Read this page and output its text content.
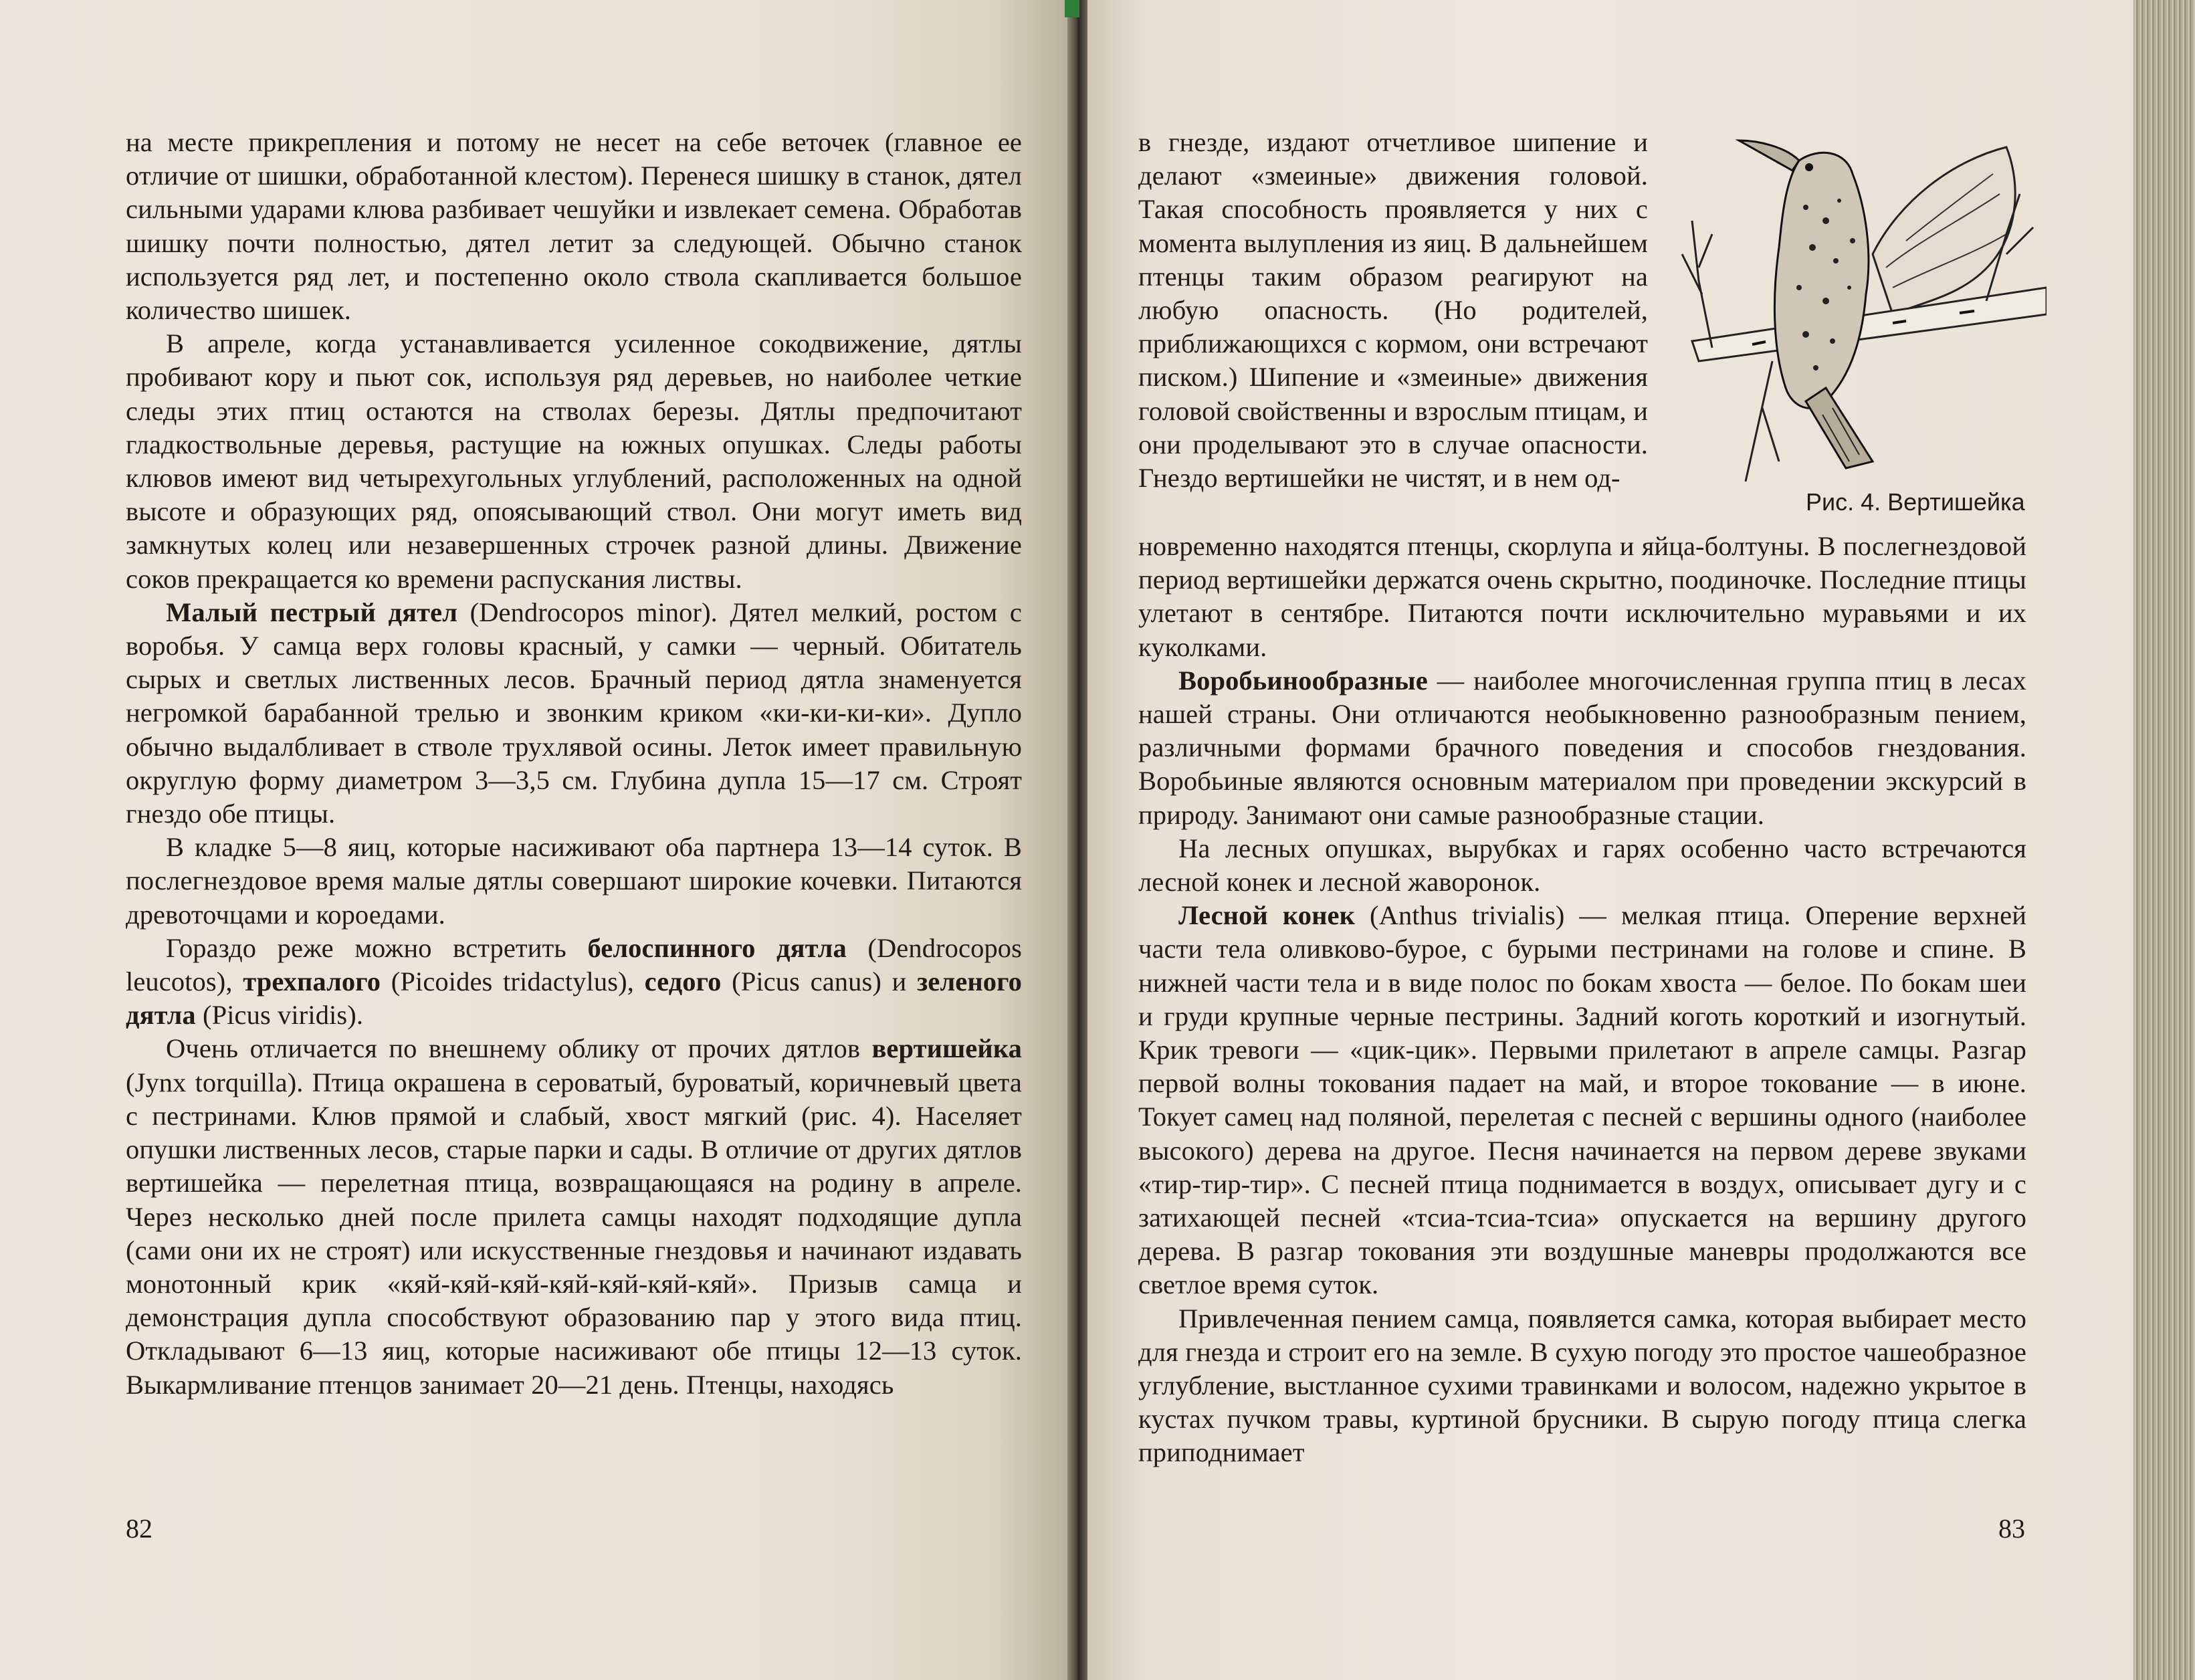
на месте прикрепления и потому не несет на себе веточек (главное ее отличие от шишки, обработанной клестом). Перенеся шишку в станок, дятел сильными ударами клюва разбивает чешуйки и извлекает семена. Обработав шишку почти полностью, дятел летит за следующей. Обычно станок используется ряд лет, и постепенно около ствола скапливается большое количество шишек.

В апреле, когда устанавливается усиленное сокодвижение, дятлы пробивают кору и пьют сок, используя ряд деревьев, но наиболее четкие следы этих птиц остаются на стволах березы. Дятлы предпочитают гладкоствольные деревья, растущие на южных опушках. Следы работы клювов имеют вид четырехугольных углублений, расположенных на одной высоте и образующих ряд, опоясывающий ствол. Они могут иметь вид замкнутых колец или незавершенных строчек разной длины. Движение соков прекращается ко времени распускания листвы.

Малый пестрый дятел (Dendrocopos minor). Дятел мелкий, ростом с воробья. У самца верх головы красный, у самки — черный. Обитатель сырых и светлых лиственных лесов. Брачный период дятла знаменуется негромкой барабанной трелью и звонким криком «ки-ки-ки-ки». Дупло обычно выдалбливает в стволе трухлявой осины. Леток имеет правильную округлую форму диаметром 3—3,5 см. Глубина дупла 15—17 см. Строят гнездо обе птицы.

В кладке 5—8 яиц, которые насиживают оба партнера 13—14 суток. В послегнездовое время малые дятлы совершают широкие кочевки. Питаются древоточцами и короедами.

Гораздо реже можно встретить белоспинного дятла (Dendrocopos leucotos), трехпалого (Picoides tridactylus), седого (Picus canus) и зеленого дятла (Picus viridis).

Очень отличается по внешнему облику от прочих дятлов вертишейка (Jynx torquilla). Птица окрашена в сероватый, буроватый, коричневый цвета с пестринами. Клюв прямой и слабый, хвост мягкий (рис. 4). Населяет опушки лиственных лесов, старые парки и сады. В отличие от других дятлов вертишейка — перелетная птица, возвращающаяся на родину в апреле. Через несколько дней после прилета самцы находят подходящие дупла (сами они их не строят) или искусственные гнездовья и начинают издавать монотонный крик «кяй-кяй-кяй-кяй-кяй-кяй-кяй». Призыв самца и демонстрация дупла способствуют образованию пар у этого вида птиц. Откладывают 6—13 яиц, которые насиживают обе птицы 12—13 суток. Выкармливание птенцов занимает 20—21 день. Птенцы, находясь

82

в гнезде, издают отчетливое шипение и делают «змеиные» движения головой. Такая способность проявляется у них с момента вылупления из яиц. В дальнейшем птенцы таким образом реагируют на любую опасность. (Но родителей, приближающихся с кормом, они встречают писком.) Шипение и «змеиные» движения головой свойственны и взрослым птицам, и они проделывают это в случае опасности. Гнездо вертишейки не чистят, и в нем од-

Рис. 4. Вертишейка

новременно находятся птенцы, скорлупа и яйца-болтуны. В послегнездовой период вертишейки держатся очень скрытно, поодиночке. Последние птицы улетают в сентябре. Питаются почти исключительно муравьями и их куколками.

Воробьинообразные — наиболее многочисленная группа птиц в лесах нашей страны. Они отличаются необыкновенно разнообразным пением, различными формами брачного поведения и способов гнездования. Воробьиные являются основным материалом при проведении экскурсий в природу. Занимают они самые разнообразные стации.

На лесных опушках, вырубках и гарях особенно часто встречаются лесной конек и лесной жаворонок.

Лесной конек (Anthus trivialis) — мелкая птица. Оперение верхней части тела оливково-бурое, с бурыми пестринами на голове и спине. В нижней части тела и в виде полос по бокам хвоста — белое. По бокам шеи и груди крупные черные пестрины. Задний коготь короткий и изогнутый. Крик тревоги — «цик-цик». Первыми прилетают в апреле самцы. Разгар первой волны токования падает на май, и второе токование — в июне. Токует самец над поляной, перелетая с песней с вершины одного (наиболее высокого) дерева на другое. Песня начинается на первом дереве звуками «тир-тир-тир». С песней птица поднимается в воздух, описывает дугу и с затихающей песней «тсиа-тсиа-тсиа» опускается на вершину другого дерева. В разгар токования эти воздушные маневры продолжаются все светлое время суток.

Привлеченная пением самца, появляется самка, которая выбирает место для гнезда и строит его на земле. В сухую погоду это простое чашеобразное углубление, выстланное сухими травинками и волосом, надежно укрытое в кустах пучком травы, куртиной брусники. В сырую погоду птица слегка приподнимает

83
